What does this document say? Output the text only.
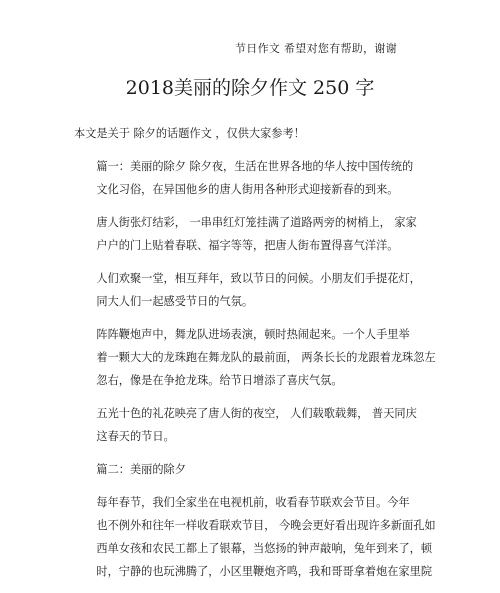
节日作文 希望对您有帮助，谢谢
2018美丽的除夕作文 250 字

本文是关于 除夕的话题作文 ，仅供大家参考！

篇一：美丽的除夕 除夕夜，生活在世界各地的华人按中国传统的
文化习俗，在异国他乡的唐人街用各种形式迎接新春的到来。

唐人街张灯结彩， 一串串红灯笼挂满了道路两旁的树梢上， 家家
户户的门上贴着春联、福字等等，把唐人街布置得喜气洋洋。

人们欢聚一堂，相互拜年，致以节日的问候。小朋友们手提花灯，
同大人们一起感受节日的气氛。

阵阵鞭炮声中，舞龙队进场表演，顿时热闹起来。一个人手里举
着一颗大大的龙珠跑在舞龙队的最前面， 两条长长的龙跟着龙珠忽左
忽右，像是在争抢龙珠。给节日增添了喜庆气氛。

五光十色的礼花映亮了唐人街的夜空， 人们载歌载舞， 普天同庆
这春天的节日。

篇二：美丽的除夕

每年春节，我们全家坐在电视机前，收看春节联欢会节目。今年
也不例外和往年一样收看联欢节目， 今晚会更好看出现许多新面孔如
西单女孩和农民工都上了银幕，当悠扬的钟声敲响，兔年到来了，顿
时，宁静的也玩沸腾了，小区里鞭炮齐鸣，我和哥哥拿着炮在家里院
